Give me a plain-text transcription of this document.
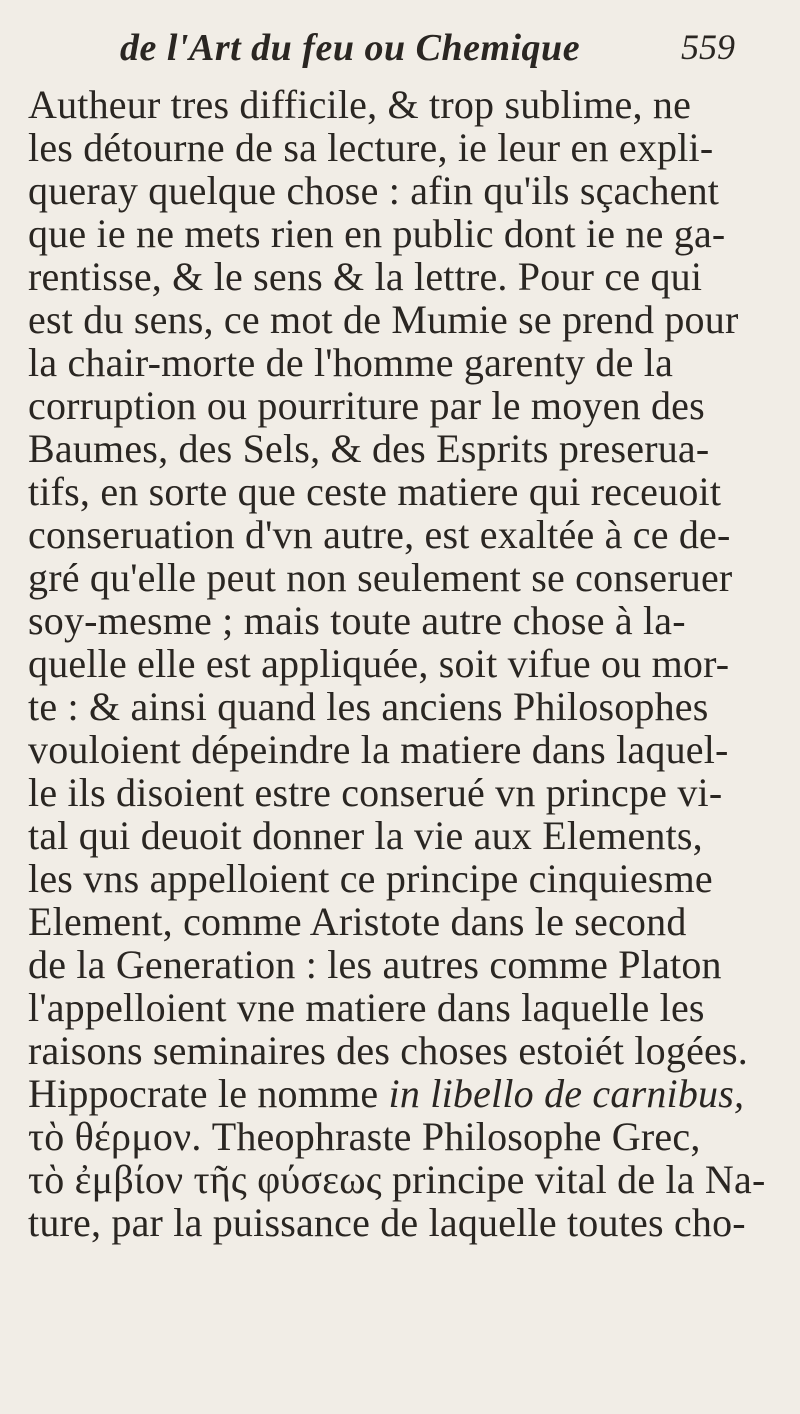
de l'Art du feu ou Chemique	559
Autheur tres difficile, & trop sublime, ne
les détourne de sa lecture, ie leur en expli-
queray quelque chose : afin qu'ils sçachent
que ie ne mets rien en public dont ie ne ga-
rentisse, & le sens & la lettre. Pour ce qui
est du sens, ce mot de Mumie se prend pour
la chair-morte de l'homme garenty de la
corruption ou pourriture par le moyen des
Baumes, des Sels, & des Esprits preserua-
tifs, en sorte que ceste matiere qui receuoit
conseruation d'vn autre, est exaltée à ce de-
gré qu'elle peut non seulement se conseruer
soy-mesme ; mais toute autre chose à la-
quelle elle est appliquée, soit vifue ou mor-
te : & ainsi quand les anciens Philosophes
vouloient dépeindre la matiere dans laquel-
le ils disoient estre conserué vn princpe vi-
tal qui deuoit donner la vie aux Elements,
les vns appelloient ce principe cinquiesme
Element, comme Aristote dans le second
de la Generation : les autres comme Platon
l'appelloient vne matiere dans laquelle les
raisons seminaires des choses estoiét logées.
Hippocrate le nomme in libello de carnibus,
τὸ θέρμον. Theophraste Philosophe Grec,
τὸ ἐμβίον τῆς φύσεως principe vital de la Na-
ture, par la puissance de laquelle toutes cho-
